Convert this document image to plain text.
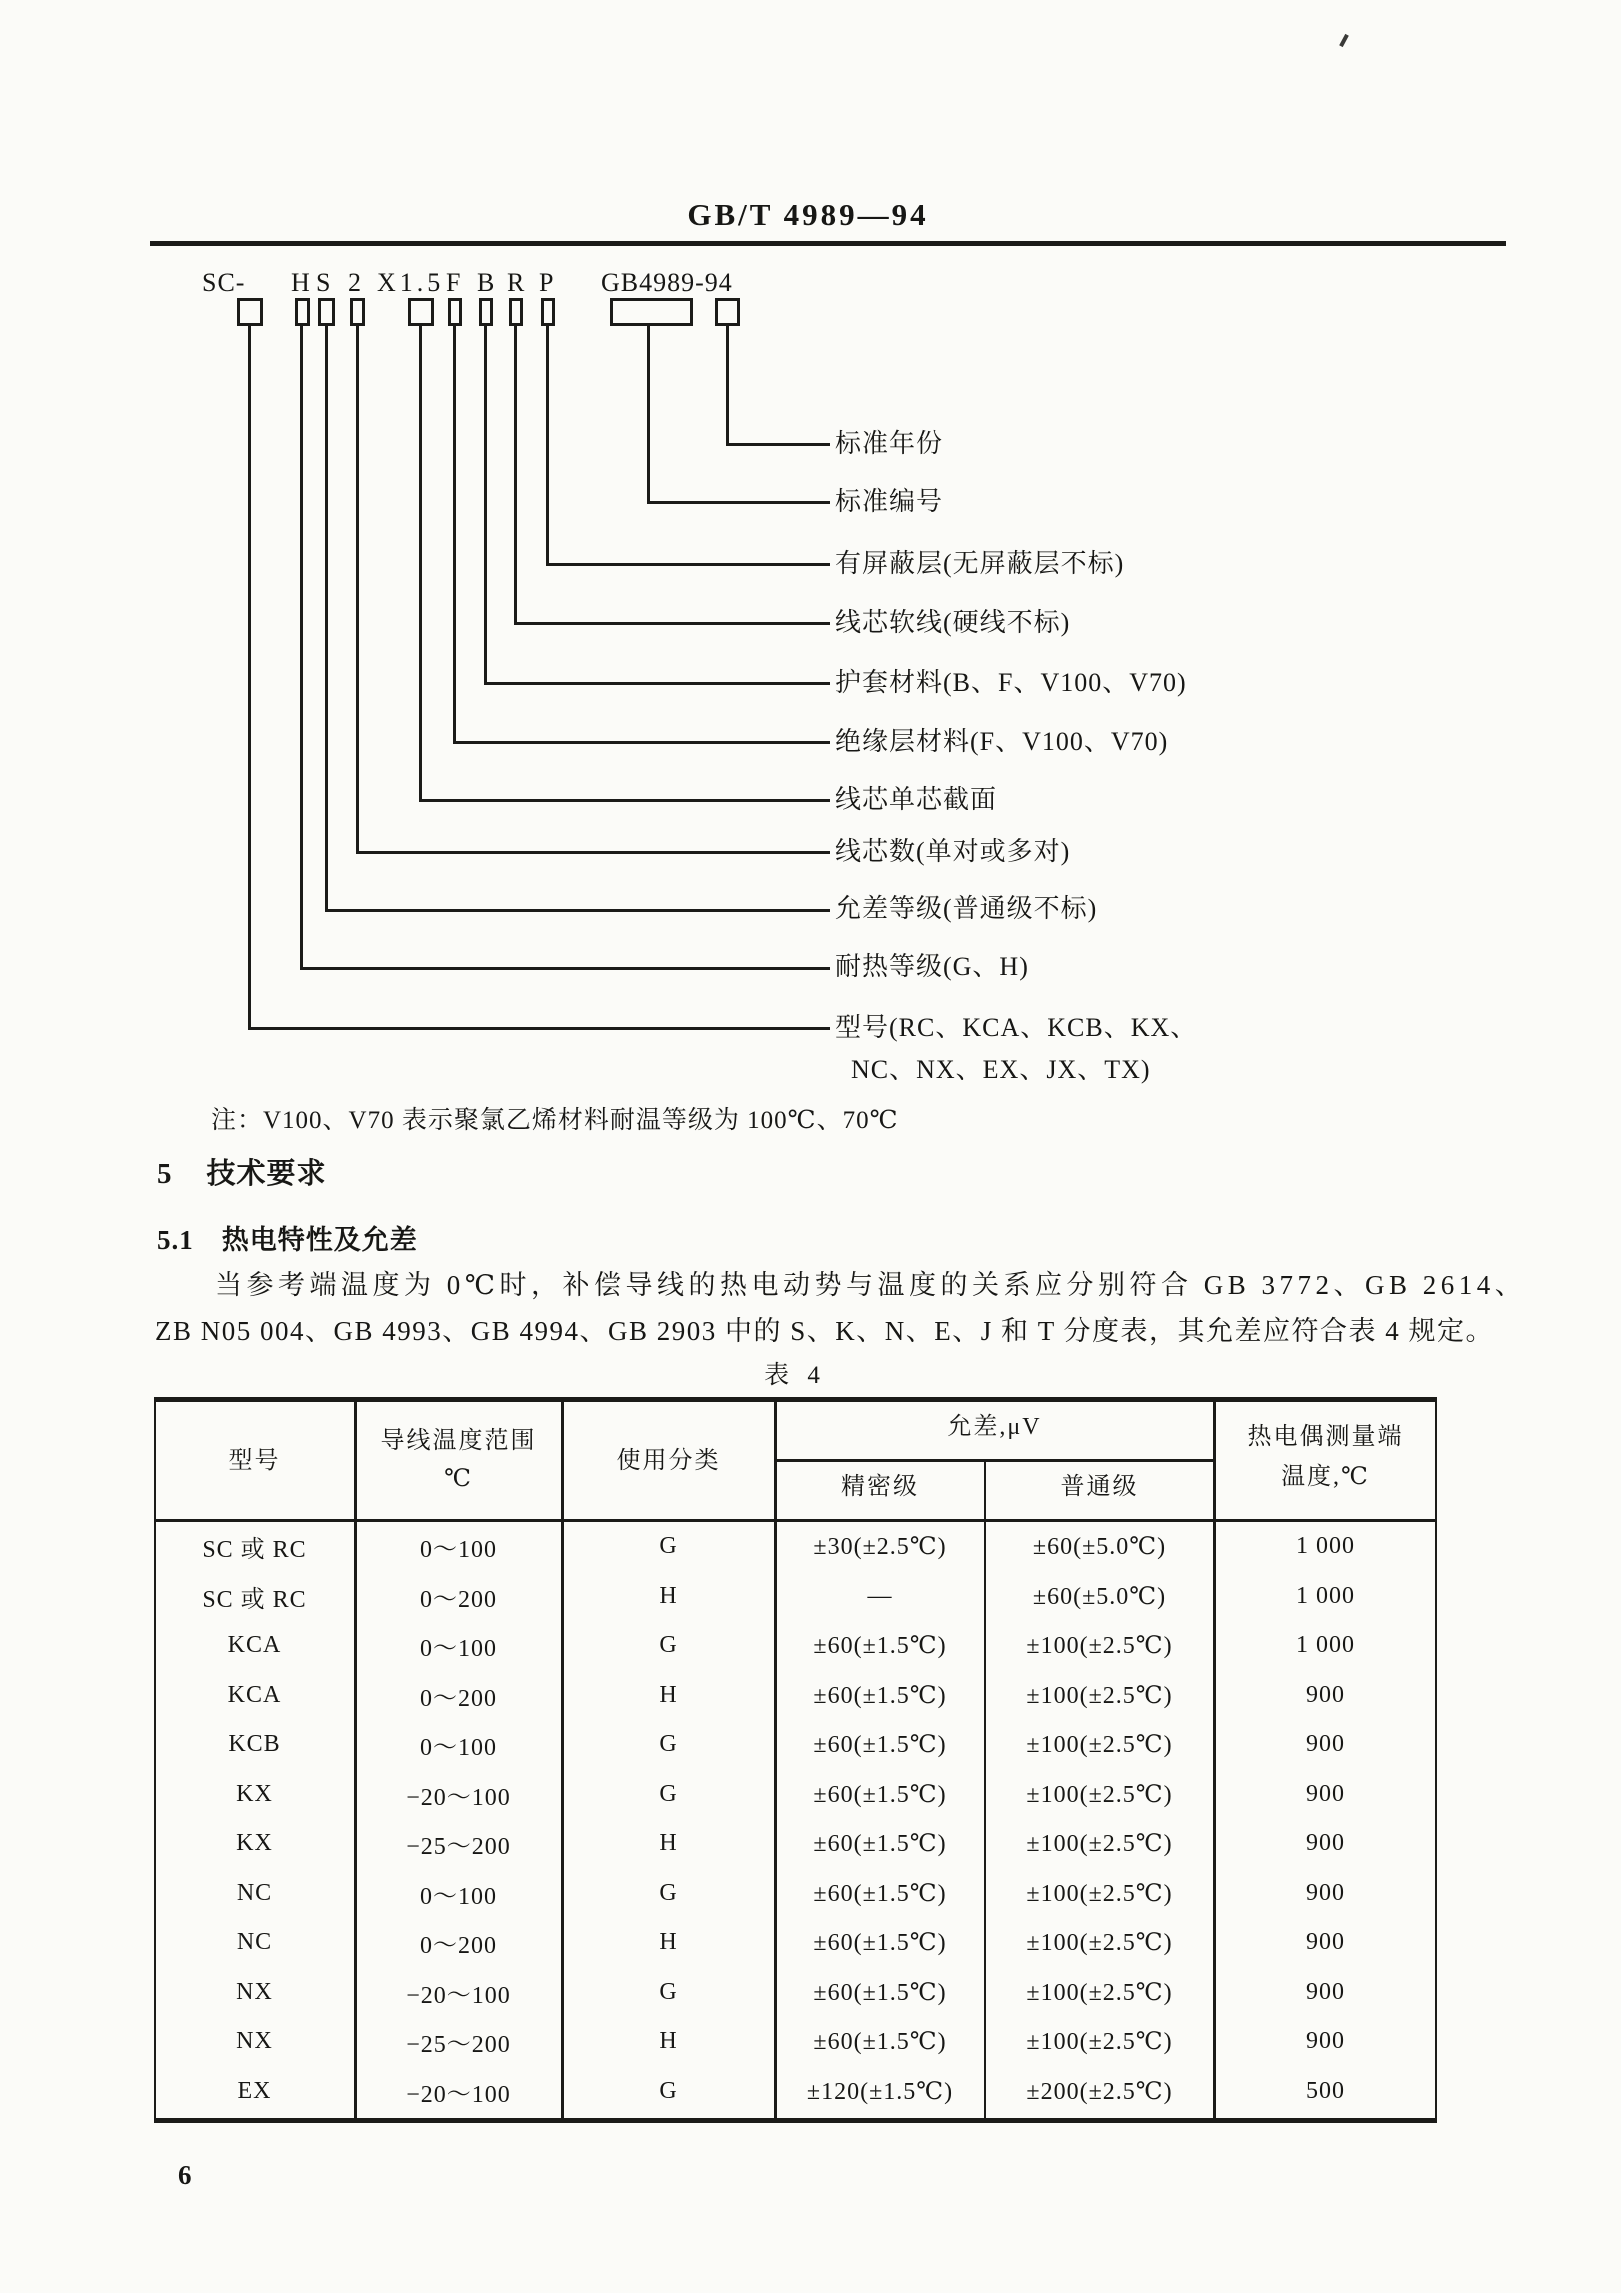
GB/T 4989—94
SC- H S 2 X1.5 F B R P GB4989-94
标准年份
标准编号
有屏蔽层(无屏蔽层不标)
线芯软线(硬线不标)
护套材料(B、F、V100、V70)
绝缘层材料(F、V100、V70)
线芯单芯截面
线芯数(单对或多对)
允差等级(普通级不标)
耐热等级(G、H)
型号(RC、KCA、KCB、KX、
NC、NX、EX、JX、TX)
注：V100、V70 表示聚氯乙烯材料耐温等级为 100℃、70℃
5 技术要求
5.1 热电特性及允差
当参考端温度为 0℃时，补偿导线的热电动势与温度的关系应分别符合 GB 3772、GB 2614、
ZB N05 004、GB 4993、GB 4994、GB 2903 中的 S、K、N、E、J 和 T 分度表，其允差应符合表 4 规定。
表 4
型号
导线温度范围
℃
使用分类
允差,μV
精密级	普通级
热电偶测量端
温度,℃
SC 或 RC	0～100	G	±30(±2.5℃)	±60(±5.0℃)	1 000
SC 或 RC	0～200	H	—	±60(±5.0℃)	1 000
KCA	0～100	G	±60(±1.5℃)	±100(±2.5℃)	1 000
KCA	0～200	H	±60(±1.5℃)	±100(±2.5℃)	900
KCB	0～100	G	±60(±1.5℃)	±100(±2.5℃)	900
KX	−20～100	G	±60(±1.5℃)	±100(±2.5℃)	900
KX	−25～200	H	±60(±1.5℃)	±100(±2.5℃)	900
NC	0～100	G	±60(±1.5℃)	±100(±2.5℃)	900
NC	0～200	H	±60(±1.5℃)	±100(±2.5℃)	900
NX	−20～100	G	±60(±1.5℃)	±100(±2.5℃)	900
NX	−25～200	H	±60(±1.5℃)	±100(±2.5℃)	900
EX	−20～100	G	±120(±1.5℃)	±200(±2.5℃)	500
6
